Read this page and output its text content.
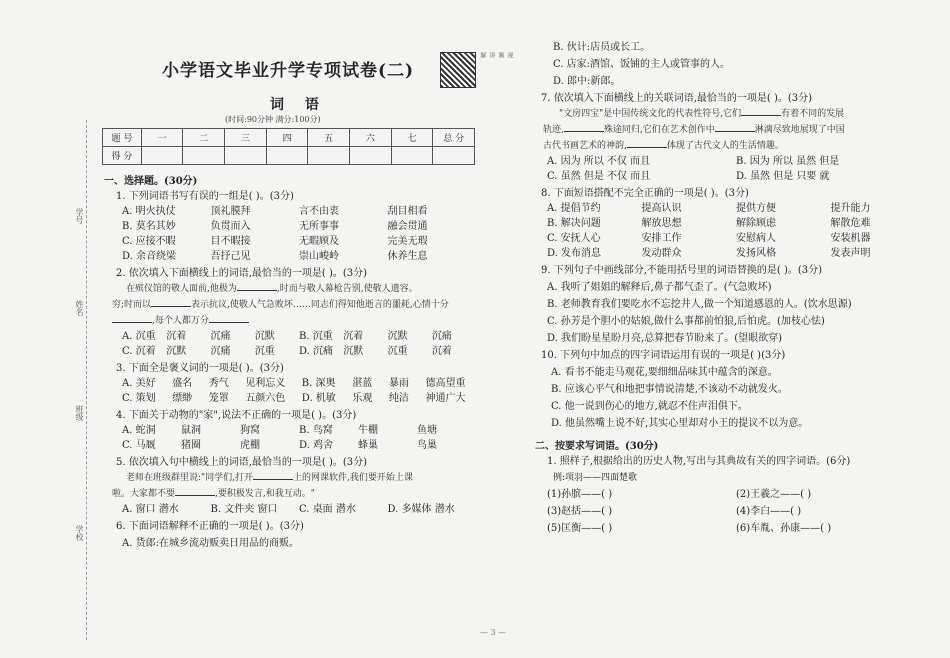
学校
姓名
班级
学号
小学语文毕业升学专项试卷(二)
视频讲解
词 语
(时间:90分钟 满分:100分)
题 号	一	二	三	四	五	六	七	总 分
得 分								
一、选择题。(30分)
1. 下列词语书写有误的一组是( )。(3分)
A. 明火执仗	顶礼膜拜	言不由衷	刮目相看
B. 莫名其妙	负贯而入	无所事事	融会贯通
C. 应接不暇	目不暇接	无暇顾及	完美无瑕
D. 余音绕梁	吾抒己见	崇山峻岭	休养生息
2. 依次填入下面横线上的词语,最恰当的一项是( )。(3分)
在殡仪馆的敬人面前,他极为	,时而与敬人幕枪告别,使敬人遗容。
穷;时而以	表示抗议,使敬人气急败坏……同志们得知他逝言的噩耗,心情十分,每个人都万分
A. 沉重	沉着	沉痛	沉默	B. 沉重	沉着	沉默	沉痛
C. 沉着	沉默	沉痛	沉重	D. 沉痛	沉默	沉重	沉着
3. 下面全是褒义词的一项是( )。(3分)
A. 美好	盛名	秀气	见利忘义	B. 深奥	湛蓝	暴雨	德高望重
C. 策划	缥缈	笼罩	五颜六色	D. 机敏	乐观	纯洁	神通广大
4. 下面关于动物的"家",说法不正确的一项是( )。(3分)
A. 蛇洞	鼠洞	狗窝	B. 鸟窝	牛棚	鱼塘
C. 马厩	猪圈	虎棚	D. 鸡舍	蜂巢	鸟巢
5. 依次填入句中横线上的词语,最恰当的一项是( )。(3分)
老师在班级群里说:"同学们,打开	上的网课软件,我们要开始上课
啦。大家都不要	,要积极发言,和我互动。"
A. 窗口 潜水	B. 文件夹 窗口	C. 桌面 潜水	D. 多媒体 潜水
6. 下面词语解释不正确的一项是( )。(3分)
A. 货郎:在城乡流动贩卖日用品的商贩。
B. 伙计:店员或长工。
C. 店家:酒馆、饭铺的主人或管事的人。
D. 郎中:新郎。
7. 依次填入下面横线上的关联词语,最恰当的一项是( )。(3分)
"文房四宝"是中国传统文化的代表性符号,它们	有着不同的发展
轨迹,	殊途同归,它们在艺术创作中	淋漓尽致地展现了中国
古代书画艺术的神韵,	体现了古代文人的生活情趣。
A. 因为 所以 不仅 而且	B. 因为 所以 虽然 但是
C. 虽然 但是 不仅 而且	D. 虽然 但是 只要 就
8. 下面短语搭配不完全正确的一项是( )。(3分)
A. 提倡节约	提高认识	提供方便	提升能力
B. 解决问题	解放思想	解除顾虑	解散危难
C. 安抚人心	安排工作	安慰病人	安装机器
D. 发布消息	发动群众	发扬风格	发表声明
9. 下列句子中画线部分,不能用括号里的词语替换的是( )。(3分)
A. 我听了姐姐的解释后,鼻子都气歪了。(气急败坏)
B. 老师教育我们要吃水不忘挖井人,做一个知道感恩的人。(饮水思源)
C. 孙芳是个胆小的姑娘,做什么事都前怕狼,后怕虎。(加枝心怯)
D. 我们盼星星盼月亮,总算把春节盼来了。(望眼欲穿)
10. 下列句中加点的四字词语运用有误的一项是( )(3分)
A. 看书不能走马观花,要细细品味其中蕴含的深意。
B. 应该心平气和地把事情说清楚,不该动不动就发火。
C. 他一说到伤心的地方,就忍不住声泪俱下。
D. 他虽然嘴上说不好,其实心里却对小王的提议不以为意。
二、按要求写词语。(30分)
1. 照样子,根据给出的历史人物,写出与其典故有关的四字词语。(6分)
例:项羽——四面楚歌
(1)孙膑——( )	(2)王羲之——( )
(3)赵括——( )	(4)李白——( )
(5)匡衡——( )	(6)车胤、孙康——( )
— 3 —
